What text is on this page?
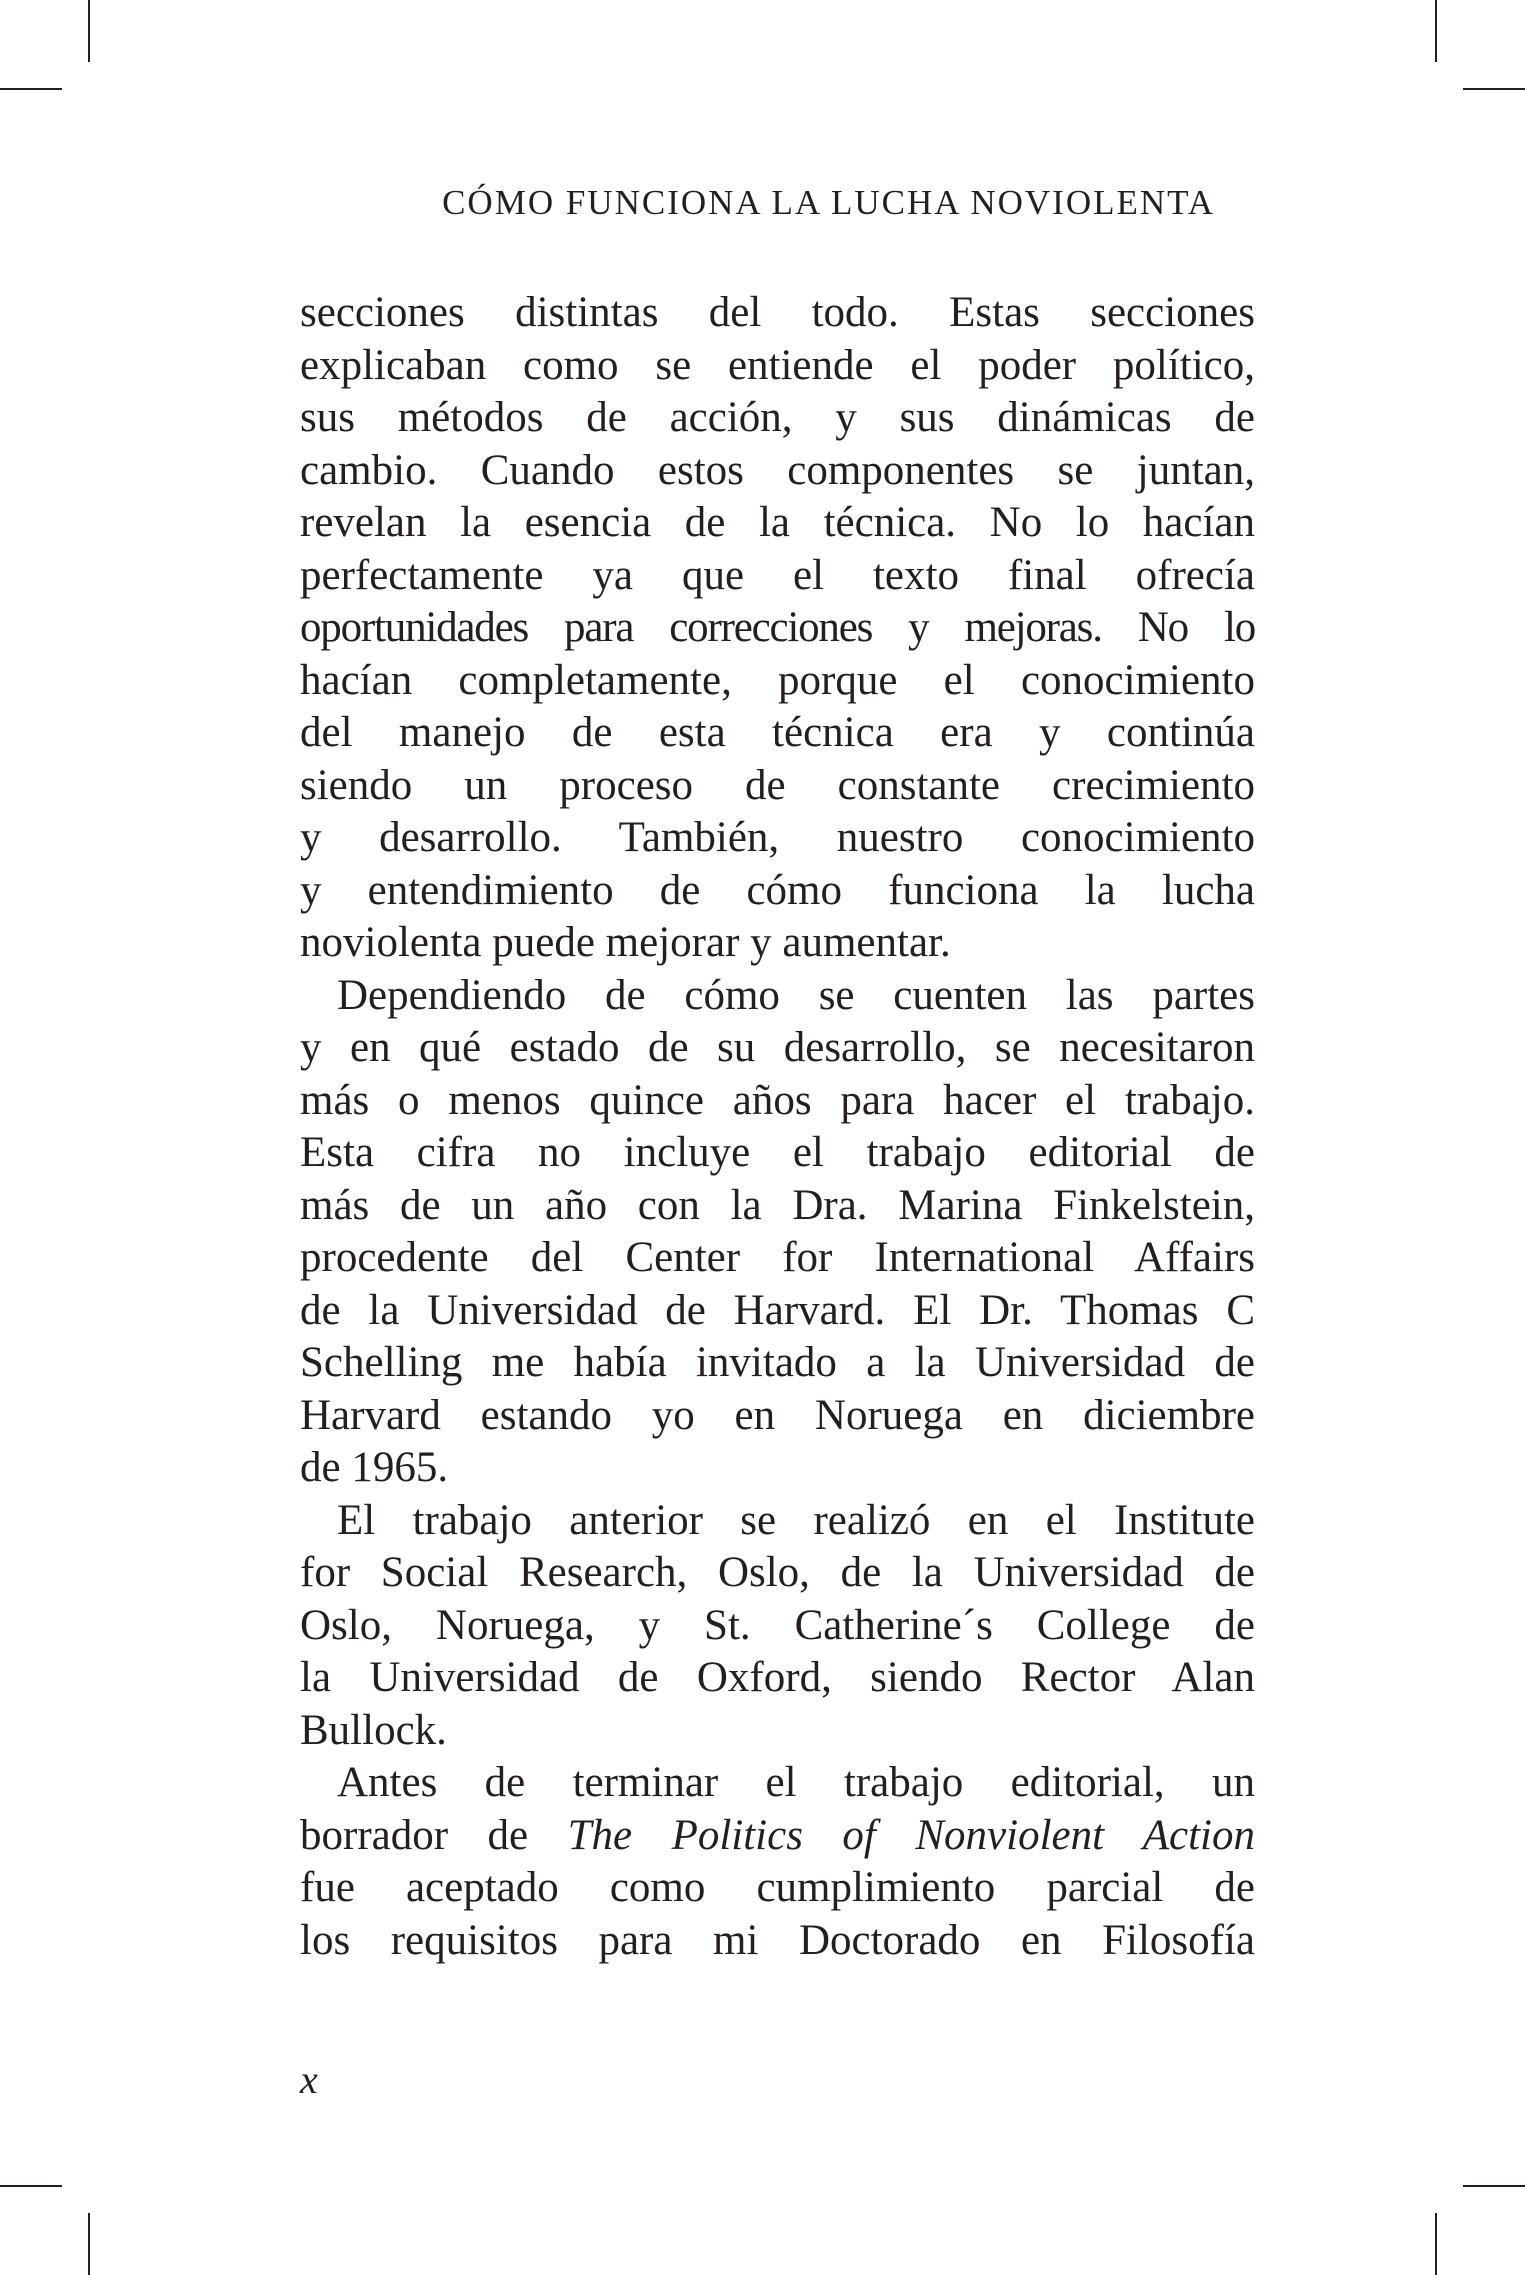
CÓMO FUNCIONA LA LUCHA NOVIOLENTA

secciones distintas del todo. Estas secciones
explicaban como se entiende el poder político,
sus métodos de acción, y sus dinámicas de
cambio. Cuando estos componentes se juntan,
revelan la esencia de la técnica. No lo hacían
perfectamente ya que el texto final ofrecía
oportunidades para correcciones y mejoras. No lo
hacían completamente, porque el conocimiento
del manejo de esta técnica era y continúa
siendo un proceso de constante crecimiento
y desarrollo. También, nuestro conocimiento
y entendimiento de cómo funciona la lucha
noviolenta puede mejorar y aumentar.

Dependiendo de cómo se cuenten las partes
y en qué estado de su desarrollo, se necesitaron
más o menos quince años para hacer el trabajo.
Esta cifra no incluye el trabajo editorial de
más de un año con la Dra. Marina Finkelstein,
procedente del Center for International Affairs
de la Universidad de Harvard. El Dr. Thomas C
Schelling me había invitado a la Universidad de
Harvard estando yo en Noruega en diciembre
de 1965.

El trabajo anterior se realizó en el Institute
for Social Research, Oslo, de la Universidad de
Oslo, Noruega, y St. Catherine´s College de
la Universidad de Oxford, siendo Rector Alan
Bullock.

Antes de terminar el trabajo editorial, un
borrador de The Politics of Nonviolent Action
fue aceptado como cumplimiento parcial de
los requisitos para mi Doctorado en Filosofía

x
